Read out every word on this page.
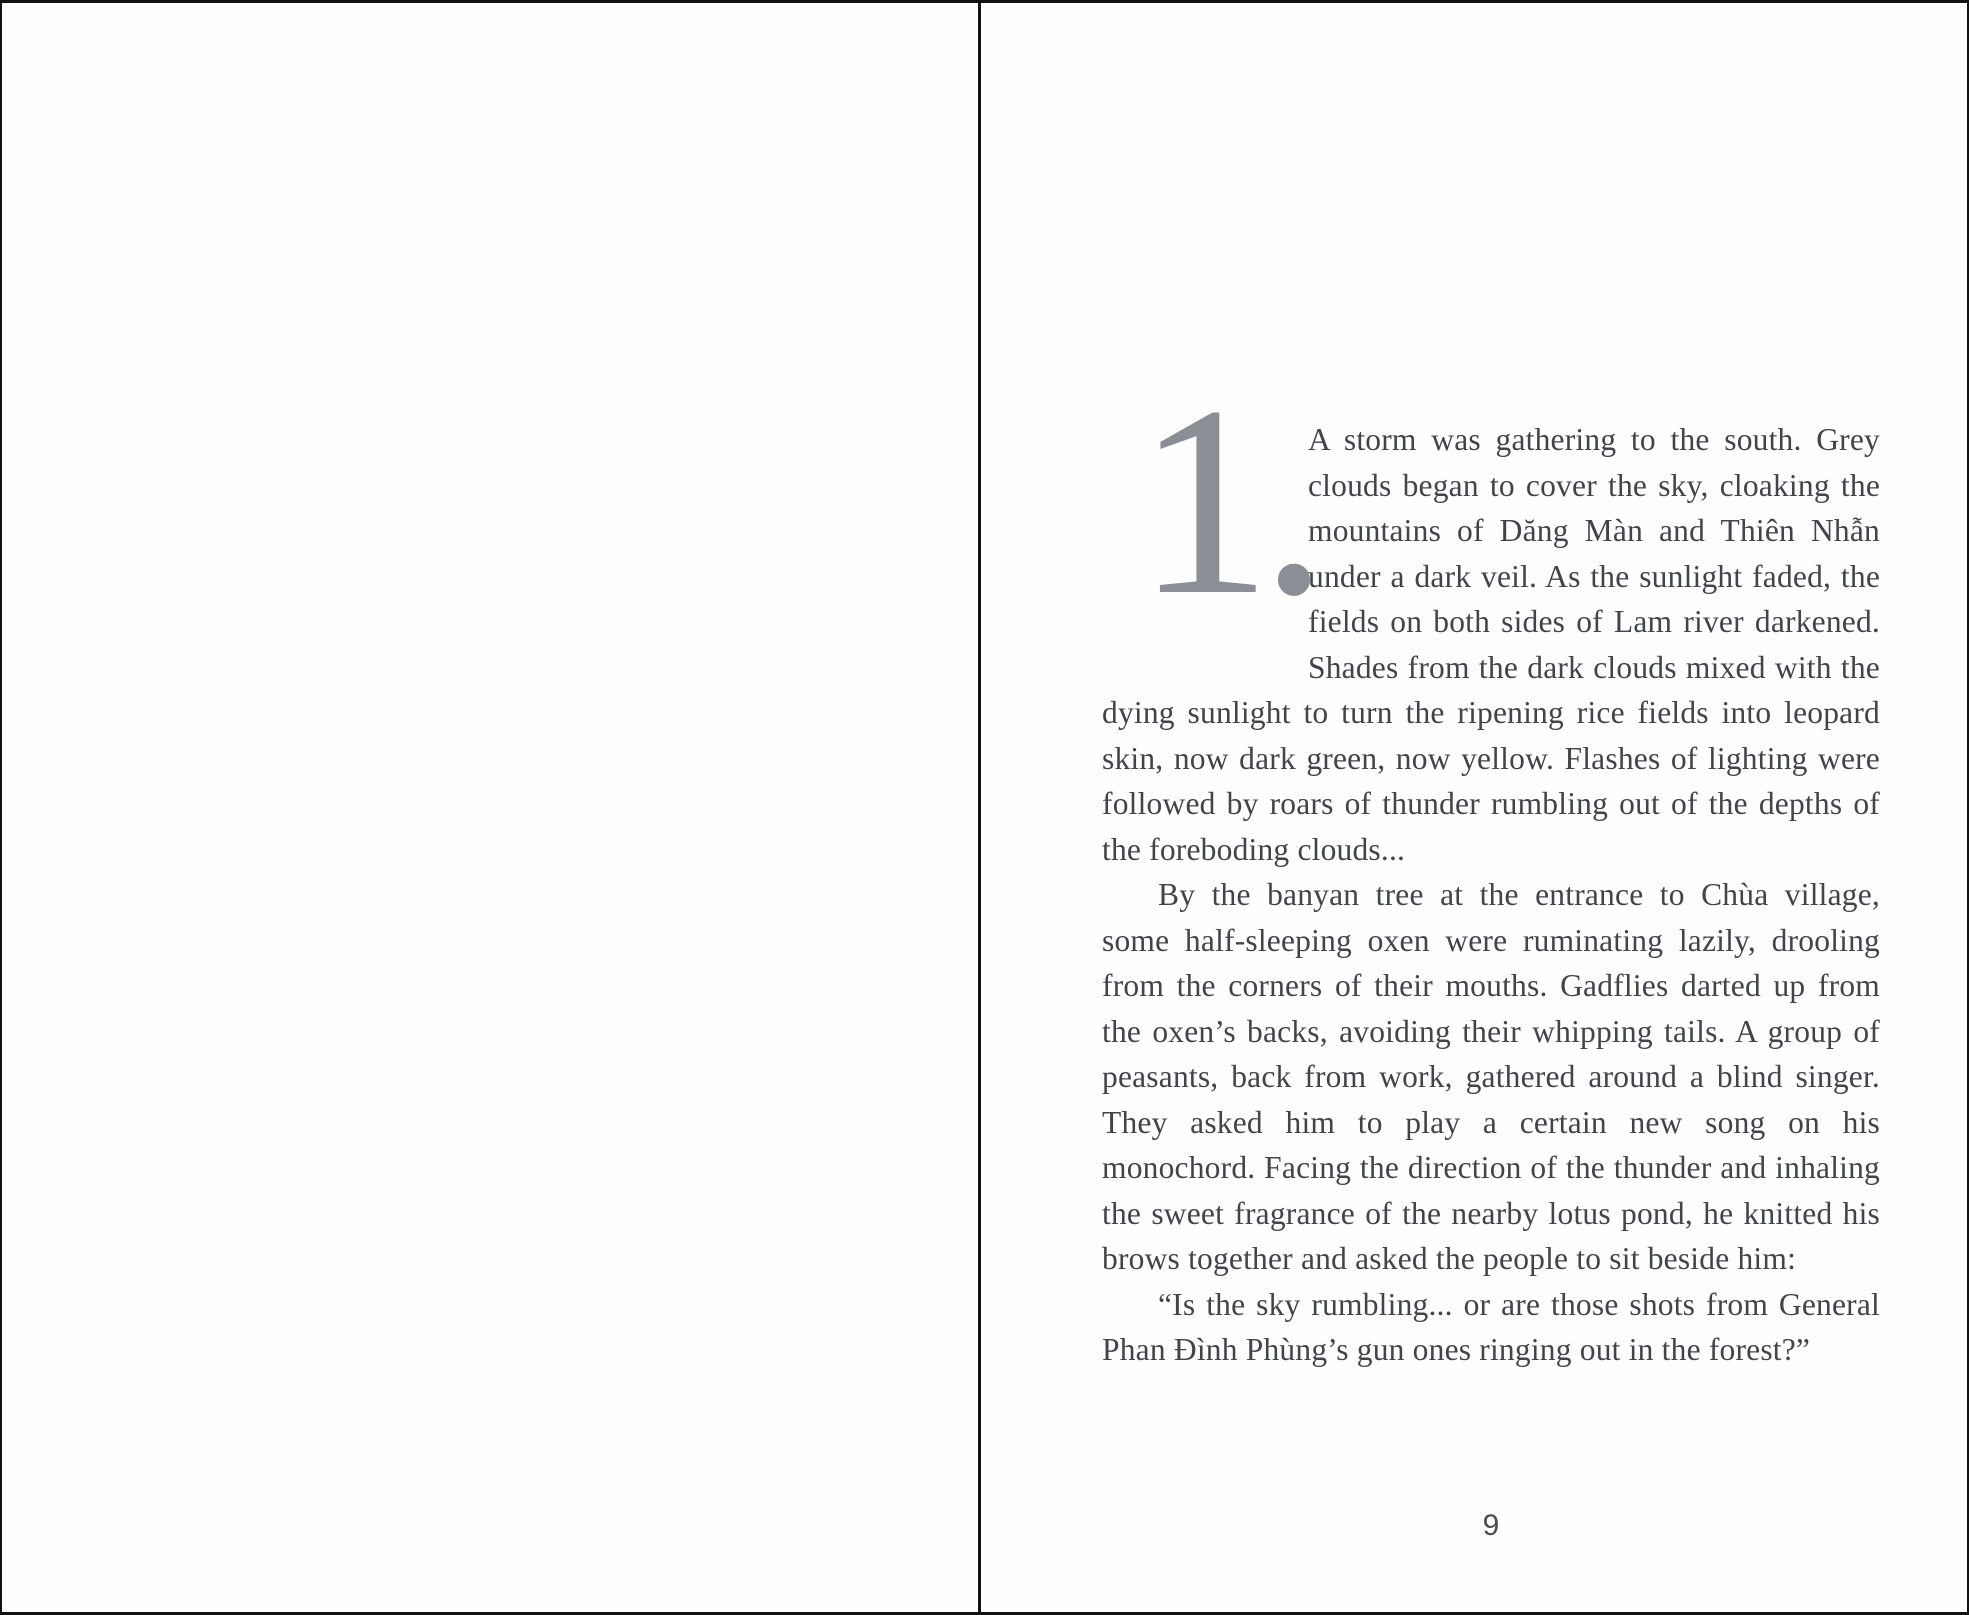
1.

A storm was gathering to the south. Grey clouds began to cover the sky, cloaking the mountains of Dăng Màn and Thiên Nhẫn under a dark veil. As the sunlight faded, the fields on both sides of Lam river darkened. Shades from the dark clouds mixed with the dying sunlight to turn the ripening rice fields into leopard skin, now dark green, now yellow. Flashes of lighting were followed by roars of thunder rumbling out of the depths of the foreboding clouds...

By the banyan tree at the entrance to Chùa village, some half-sleeping oxen were ruminating lazily, drooling from the corners of their mouths. Gadflies darted up from the oxen’s backs, avoiding their whipping tails. A group of peasants, back from work, gathered around a blind singer. They asked him to play a certain new song on his monochord. Facing the direction of the thunder and inhaling the sweet fragrance of the nearby lotus pond, he knitted his brows together and asked the people to sit beside him:

“Is the sky rumbling... or are those shots from General Phan Đình Phùng’s gun ones ringing out in the forest?”

9
